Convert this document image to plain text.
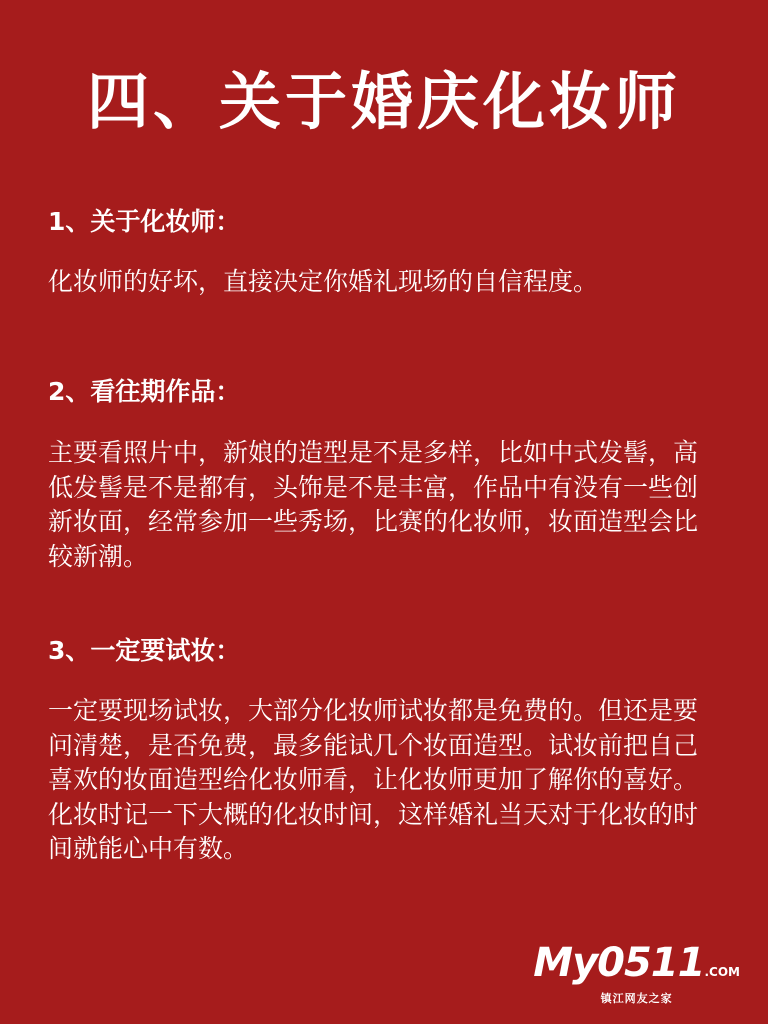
四、关于婚庆化妆师
1、关于化妆师：
化妆师的好坏，直接决定你婚礼现场的自信程度。
2、看往期作品：
主要看照片中，新娘的造型是不是多样，比如中式发髻，高低发髻是不是都有，头饰是不是丰富，作品中有没有一些创新妆面，经常参加一些秀场，比赛的化妆师，妆面造型会比较新潮。
3、一定要试妆：
一定要现场试妆，大部分化妆师试妆都是免费的。但还是要问清楚，是否免费，最多能试几个妆面造型。试妆前把自己喜欢的妆面造型给化妆师看，让化妆师更加了解你的喜好。化妆时记一下大概的化妆时间，这样婚礼当天对于化妆的时间就能心中有数。
My0511.COM
镇江网友之家
